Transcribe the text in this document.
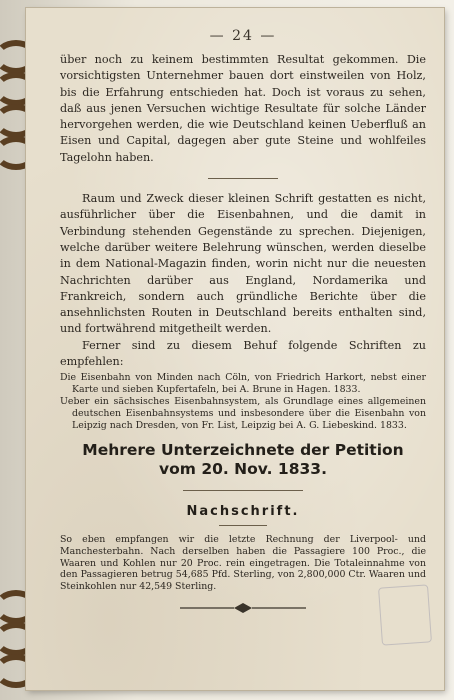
— 24 —

über noch zu keinem bestimmten Resultat gekommen. Die vorsichtigsten Unternehmer bauen dort einstweilen von Holz, bis die Erfahrung entschieden hat. Doch ist voraus zu sehen, daß aus jenen Versuchen wichtige Resultate für solche Länder hervorgehen werden, die wie Deutschland keinen Ueberfluß an Eisen und Capital, dagegen aber gute Steine und wohlfeiles Tagelohn haben.

Raum und Zweck dieser kleinen Schrift gestatten es nicht, ausführlicher über die Eisenbahnen, und die damit in Verbindung stehenden Gegenstände zu sprechen. Diejenigen, welche darüber weitere Belehrung wünschen, werden dieselbe in dem National-Magazin finden, worin nicht nur die neuesten Nachrichten darüber aus England, Nordamerika und Frankreich, sondern auch gründliche Berichte über die ansehnlichsten Routen in Deutschland bereits enthalten sind, und fortwährend mitgetheilt werden.

Ferner sind zu diesem Behuf folgende Schriften zu empfehlen:

Die Eisenbahn von Minden nach Cöln, von Friedrich Harkort, nebst einer Karte und sieben Kupfertafeln, bei A. Brune in Hagen. 1833.

Ueber ein sächsisches Eisenbahnsystem, als Grundlage eines allgemeinen deutschen Eisenbahnsystems und insbesondere über die Eisenbahn von Leipzig nach Dresden, von Fr. List, Leipzig bei A. G. Liebeskind. 1833.

Mehrere Unterzeichnete der Petition
vom 20. Nov. 1833.
Nachschrift.

So eben empfangen wir die letzte Rechnung der Liverpool- und Manchesterbahn. Nach derselben haben die Passagiere 100 Proc., die Waaren und Kohlen nur 20 Proc. rein eingetragen. Die Totaleinnahme von den Passagieren betrug 54,685 Pfd. Sterling, von 2,800,000 Ctr. Waaren und Steinkohlen nur 42,549 Sterling.
